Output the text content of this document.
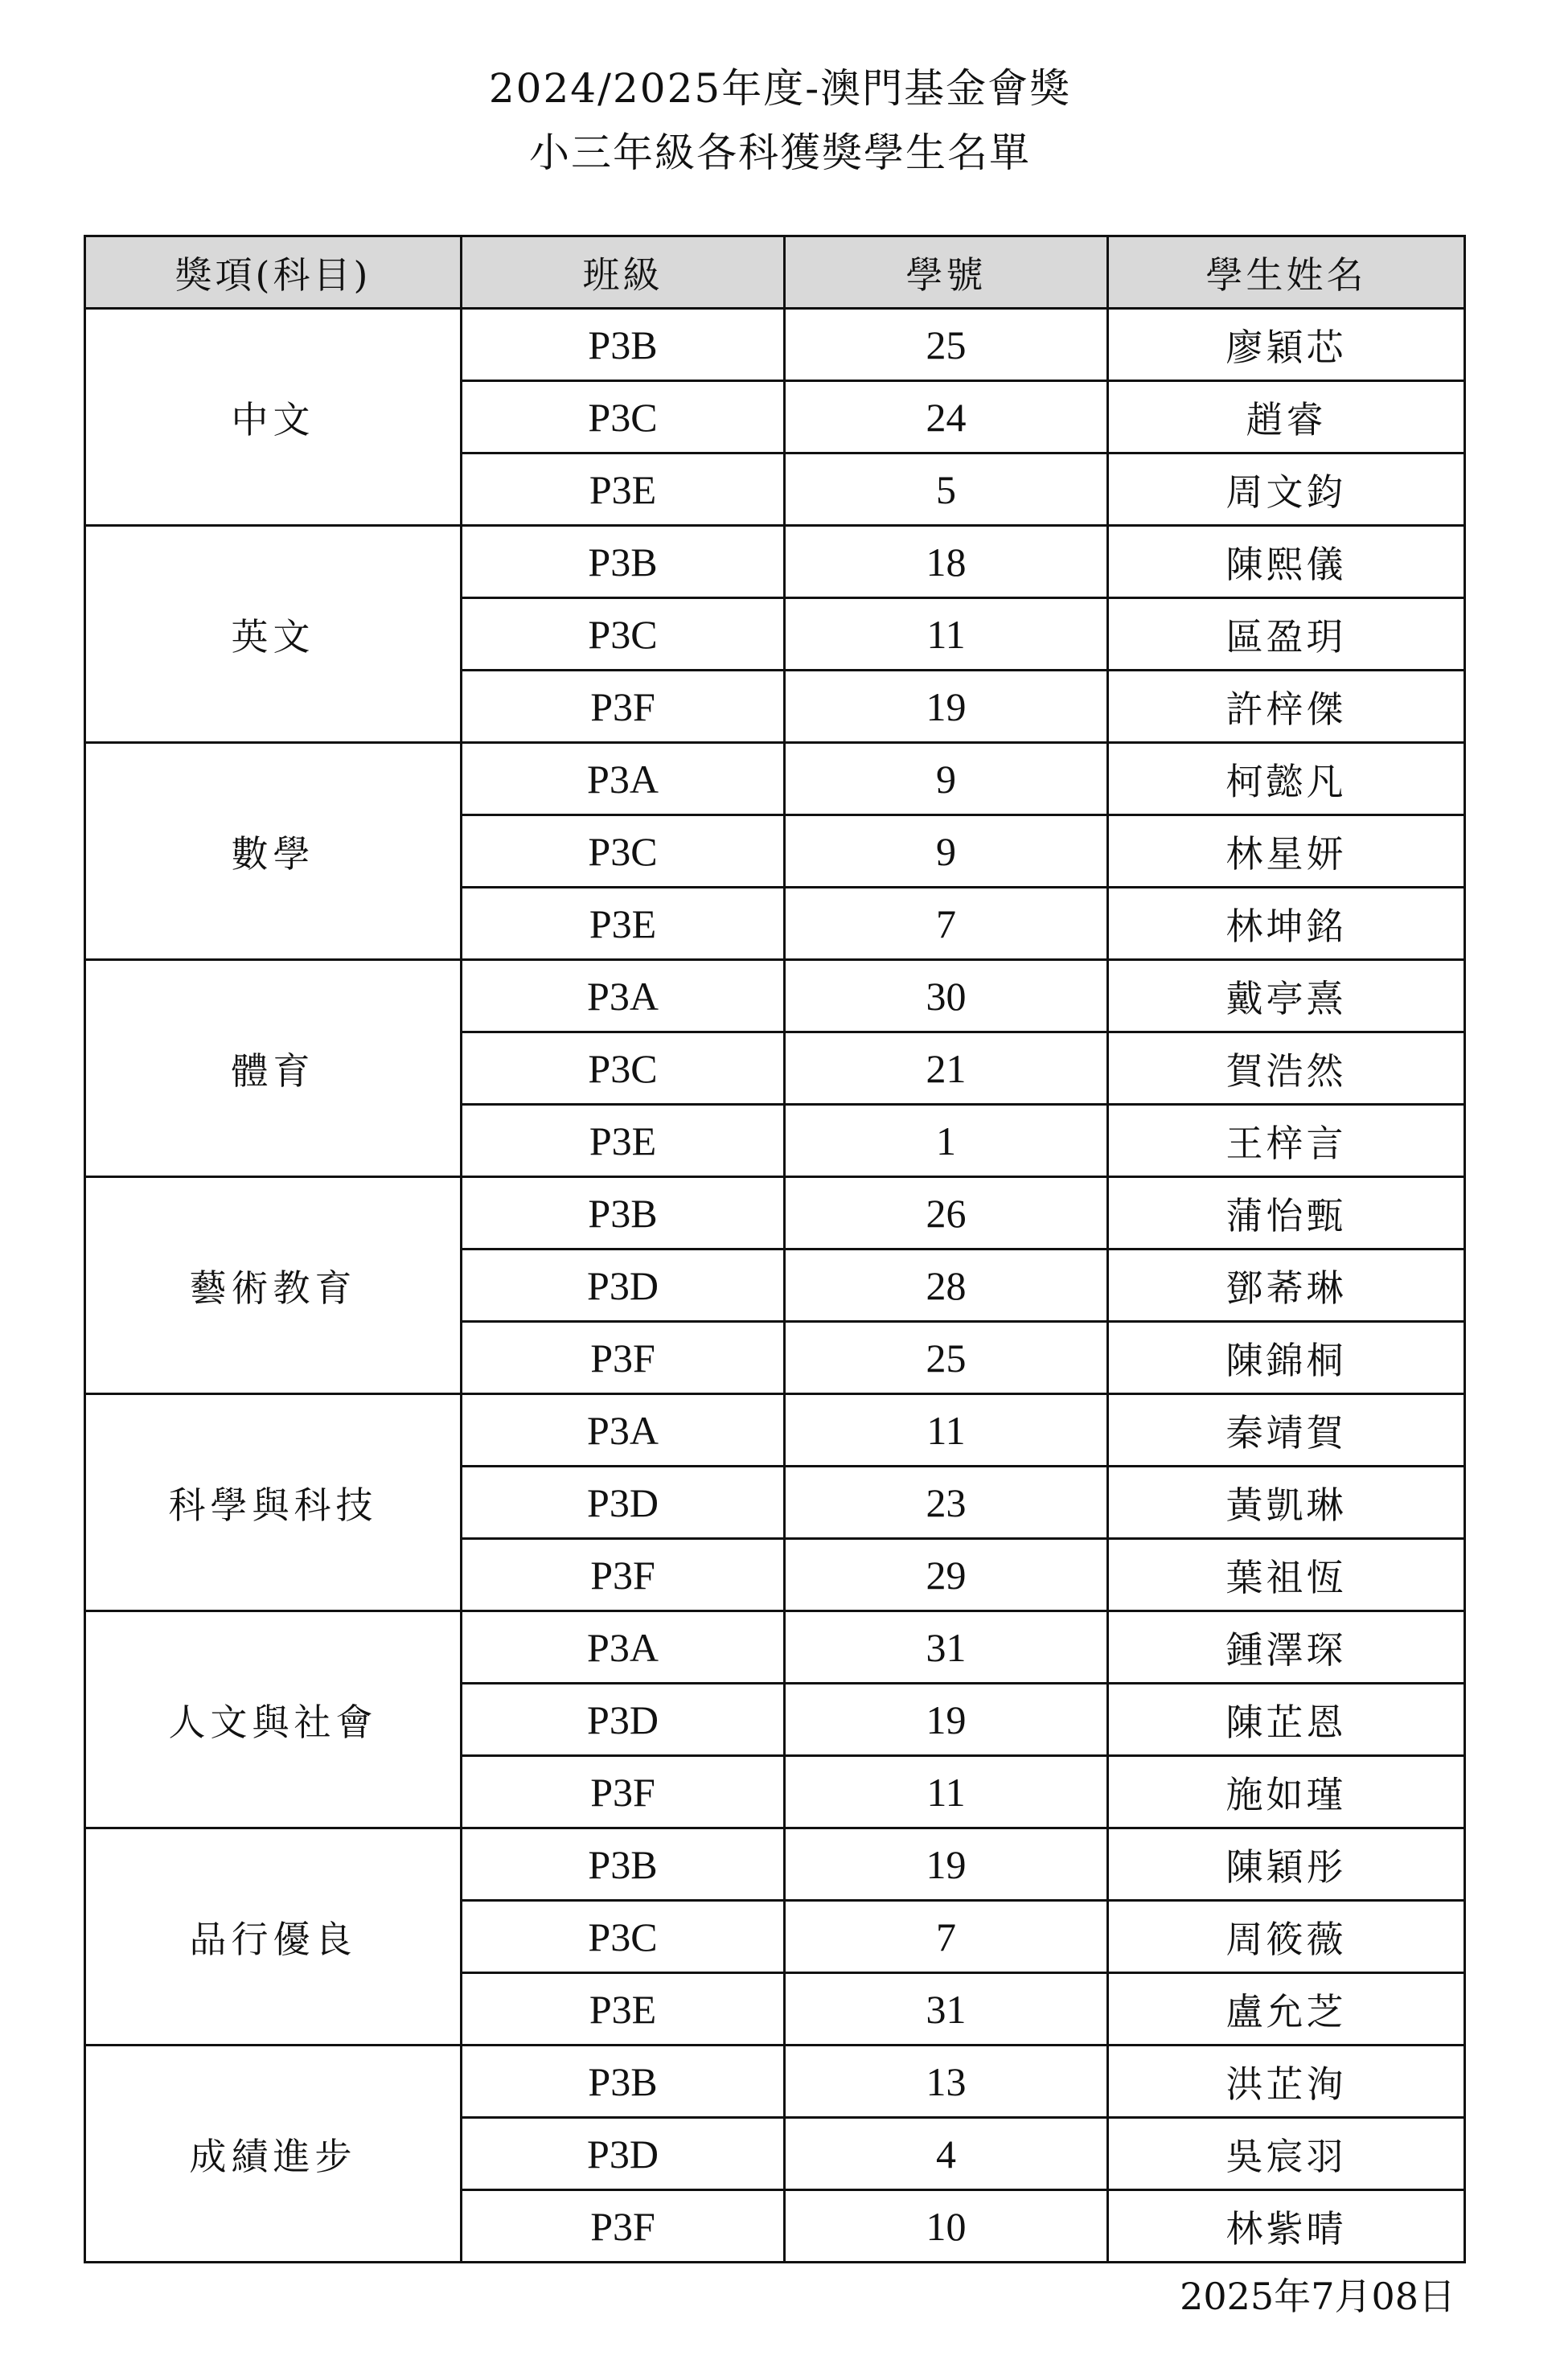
2024/2025年度-澳門基金會獎
小三年級各科獲獎學生名單
獎項(科目)	班級	學號	學生姓名
中文	P3B	25	廖穎芯
	P3C	24	趙睿
	P3E	5	周文鈞
英文	P3B	18	陳熙儀
	P3C	11	區盈玥
	P3F	19	許梓傑
數學	P3A	9	柯懿凡
	P3C	9	林星妍
	P3E	7	林坤銘
體育	P3A	30	戴亭熹
	P3C	21	賀浩然
	P3E	1	王梓言
藝術教育	P3B	26	蒲怡甄
	P3D	28	鄧莃琳
	P3F	25	陳錦桐
科學與科技	P3A	11	秦靖賀
	P3D	23	黃凱琳
	P3F	29	葉祖恆
人文與社會	P3A	31	鍾澤琛
	P3D	19	陳芷恩
	P3F	11	施如瑾
品行優良	P3B	19	陳穎彤
	P3C	7	周筱薇
	P3E	31	盧允芝
成績進步	P3B	13	洪芷洵
	P3D	4	吳宸羽
	P3F	10	林紫晴
2025年7月08日
